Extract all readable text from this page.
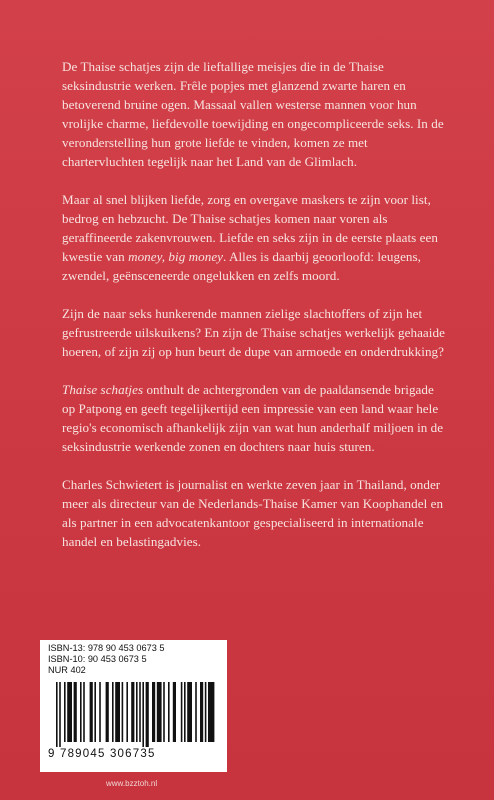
De Thaise schatjes zijn de lieftallige meisjes die in de Thaise seksindustrie werken. Frêle popjes met glanzend zwarte haren en betoverend bruine ogen. Massaal vallen westerse mannen voor hun vrolijke charme, liefdevolle toewijding en ongecompliceerde seks. In de veronderstelling hun grote liefde te vinden, komen ze met chartervluchten tegelijk naar het Land van de Glimlach.

Maar al snel blijken liefde, zorg en overgave maskers te zijn voor list, bedrog en hebzucht. De Thaise schatjes komen naar voren als geraffineerde zakenvrouwen. Liefde en seks zijn in de eerste plaats een kwestie van money, big money. Alles is daarbij geoorloofd: leugens, zwendel, geënsceneerde ongelukken en zelfs moord.

Zijn de naar seks hunkerende mannen zielige slachtoffers of zijn het gefrustreerde uilskuikens? En zijn de Thaise schatjes werkelijk gehaaide hoeren, of zijn zij op hun beurt de dupe van armoede en onderdrukking?

Thaise schatjes onthult de achtergronden van de paaldansende brigade op Patpong en geeft tegelijkertijd een impressie van een land waar hele regio's economisch afhankelijk zijn van wat hun anderhalf miljoen in de seksindustrie werkende zonen en dochters naar huis sturen.

Charles Schwietert is journalist en werkte zeven jaar in Thailand, onder meer als directeur van de Nederlands-Thaise Kamer van Koophandel en als partner in een advocatenkantoor gespecialiseerd in internationale handel en belastingadvies.

ISBN-13: 978 90 453 0673 5
ISBN-10: 90 453 0673 5
NUR 402
9 789045 306735
www.bzztoh.nl
